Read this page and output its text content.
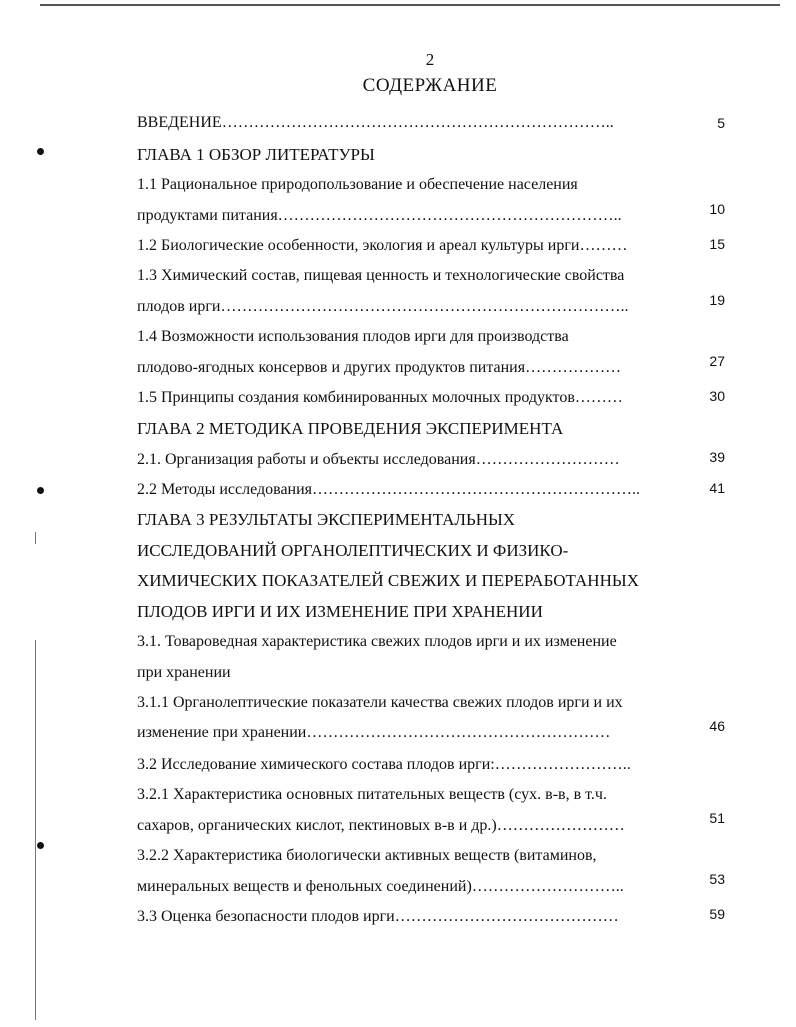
2
СОДЕРЖАНИЕ
ВВЕДЕНИЕ………………………………………………………………..	5
ГЛАВА 1 ОБЗОР ЛИТЕРАТУРЫ
1.1 Рациональное природопользование и обеспечение населения
продуктами питания………………………………………………………..	10
1.2 Биологические особенности, экология и ареал культуры ирги………	15
1.3 Химический состав, пищевая ценность и технологические свойства
плодов ирги…………………………………………………………………..	19
1.4 Возможности использования плодов ирги для производства
плодово-ягодных консервов и других продуктов питания………………	27
1.5 Принципы создания комбинированных молочных продуктов………	30
ГЛАВА 2 МЕТОДИКА ПРОВЕДЕНИЯ ЭКСПЕРИМЕНТА
2.1. Организация работы и объекты исследования………………………	39
2.2 Методы исследования……………………………………………………..	41
ГЛАВА 3 РЕЗУЛЬТАТЫ ЭКСПЕРИМЕНТАЛЬНЫХ
ИССЛЕДОВАНИЙ ОРГАНОЛЕПТИЧЕСКИХ И ФИЗИКО-
ХИМИЧЕСКИХ ПОКАЗАТЕЛЕЙ СВЕЖИХ И ПЕРЕРАБОТАННЫХ
ПЛОДОВ ИРГИ И ИХ ИЗМЕНЕНИЕ ПРИ ХРАНЕНИИ
3.1. Товароведная характеристика свежих плодов ирги и их изменение
при хранении
3.1.1 Органолептические показатели качества свежих плодов ирги и их
изменение при хранении…………………………………………………	46
3.2 Исследование химического состава плодов ирги:……………………..
3.2.1 Характеристика основных питательных веществ (сух. в-в, в т.ч.
сахаров, органических кислот, пектиновых в-в и др.)……………………	51
3.2.2 Характеристика биологически активных веществ (витаминов,
минеральных веществ и фенольных соединений)………………………..	53
3.3 Оценка безопасности плодов ирги……………………………………	59
